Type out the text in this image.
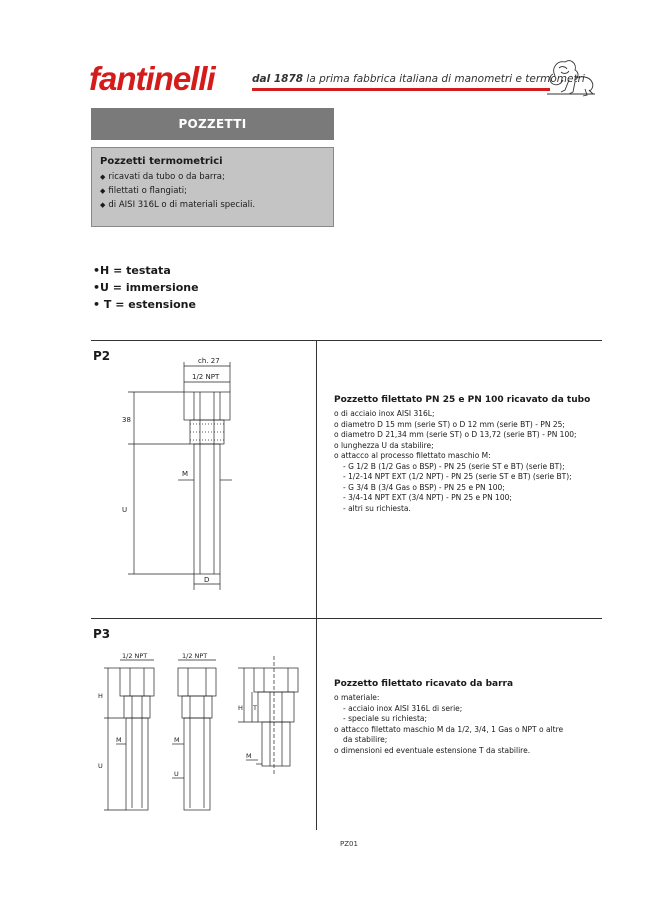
fantinelli	dal 1878 la prima fabbrica italiana di manometri e termometri
POZZETTI
Pozzetti termometrici
◆ ricavati da tubo o da barra;
◆ filettati o flangiati;
◆ di AISI 316L o di materiali speciali.
•H = testata
•U = immersione
• T = estensione
P2	ch. 27
1/2 NPT
38
U
M
D
Pozzetto filettato PN 25 e PN 100 ricavato da tubo

o di acciaio inox AISI 316L;

o diametro D 15 mm (serie ST) o D 12 mm (serie BT) - PN 25;

o diametro D 21,34 mm (serie ST) o D 13,72 (serie BT) - PN 100;

o lunghezza U da stabilire;

o attacco al processo filettato maschio M:

- G 1/2 B (1/2 Gas o BSP) - PN 25 (serie ST e BT) (serie BT);

- 1/2-14 NPT EXT (1/2 NPT) - PN 25 (serie ST e BT) (serie BT);

- G 3/4 B (3/4 Gas o BSP) - PN 25 e PN 100;

- 3/4-14 NPT EXT (3/4 NPT) - PN 25 e PN 100;

- altri su richiesta.

P3
1/2 NPT	1/2 NPT
H
M
U
M
U
H T
M
Pozzetto filettato ricavato da barra

o materiale:

- acciaio inox AISI 316L di serie;

- speciale su richiesta;

o attacco filettato maschio M da 1/2, 3/4, 1 Gas o NPT o altre

da stabilire;

o dimensioni ed eventuale estensione T da stabilire.

PZ01
